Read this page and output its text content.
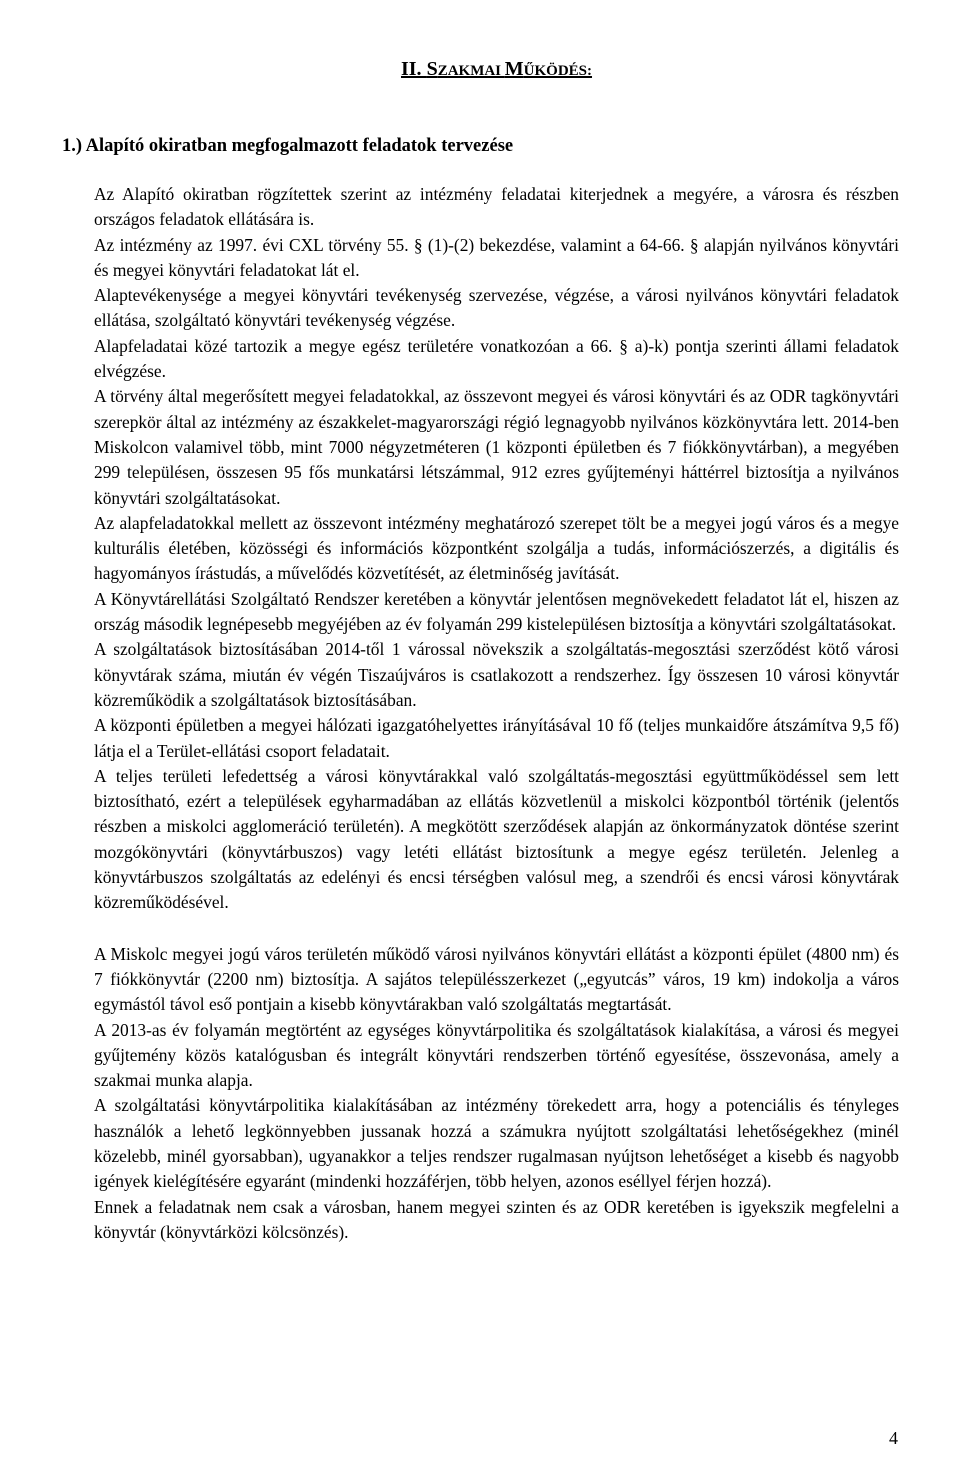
II. SZAKMAI MŰKÖDÉS:
1.) Alapító okiratban megfogalmazott feladatok tervezése

Az Alapító okiratban rögzítettek szerint az intézmény feladatai kiterjednek a megyére, a városra és részben országos feladatok ellátására is.

Az intézmény az 1997. évi CXL törvény 55. § (1)-(2) bekezdése, valamint a 64-66. § alapján nyilvános könyvtári és megyei könyvtári feladatokat lát el.

Alaptevékenysége a megyei könyvtári tevékenység szervezése, végzése, a városi nyilvános könyvtári feladatok ellátása, szolgáltató könyvtári tevékenység végzése.

Alapfeladatai közé tartozik a megye egész területére vonatkozóan a 66. § a)-k) pontja szerinti állami feladatok elvégzése.

A törvény által megerősített megyei feladatokkal, az összevont megyei és városi könyvtári és az ODR tagkönyvtári szerepkör által az intézmény az északkelet-magyarországi régió legnagyobb nyilvános közkönyvtára lett. 2014-ben Miskolcon valamivel több, mint 7000 négyzetméteren (1 központi épületben és 7 fiókkönyvtárban), a megyében 299 településen, összesen 95 fős munkatársi létszámmal, 912 ezres gyűjteményi háttérrel biztosítja a nyilvános könyvtári szolgáltatásokat.

Az alapfeladatokkal mellett az összevont intézmény meghatározó szerepet tölt be a megyei jogú város és a megye kulturális életében, közösségi és információs központként szolgálja a tudás, információszerzés, a digitális és hagyományos írástudás, a művelődés közvetítését, az életminőség javítását.

A Könyvtárellátási Szolgáltató Rendszer keretében a könyvtár jelentősen megnövekedett feladatot lát el, hiszen az ország második legnépesebb megyéjében az év folyamán 299 kistelepülésen biztosítja a könyvtári szolgáltatásokat.

A szolgáltatások biztosításában 2014-től 1 várossal növekszik a szolgáltatás-megosztási szerződést kötő városi könyvtárak száma, miután év végén Tiszaújváros is csatlakozott a rendszerhez. Így összesen 10 városi könyvtár közreműködik a szolgáltatások biztosításában.

A központi épületben a megyei hálózati igazgatóhelyettes irányításával 10 fő (teljes munkaidőre átszámítva 9,5 fő) látja el a Terület-ellátási csoport feladatait.

A teljes területi lefedettség a városi könyvtárakkal való szolgáltatás-megosztási együttműködéssel sem lett biztosítható, ezért a települések egyharmadában az ellátás közvetlenül a miskolci központból történik (jelentős részben a miskolci agglomeráció területén). A megkötött szerződések alapján az önkormányzatok döntése szerint mozgókönyvtári (könyvtárbuszos) vagy letéti ellátást biztosítunk a megye egész területén. Jelenleg a könyvtárbuszos szolgáltatás az edelényi és encsi térségben valósul meg, a szendrői és encsi városi könyvtárak közreműködésével.

A Miskolc megyei jogú város területén működő városi nyilvános könyvtári ellátást a központi épület (4800 nm) és 7 fiókkönyvtár (2200 nm) biztosítja. A sajátos településszerkezet („egyutcás” város, 19 km) indokolja a város egymástól távol eső pontjain a kisebb könyvtárakban való szolgáltatás megtartását.

A 2013-as év folyamán megtörtént az egységes könyvtárpolitika és szolgáltatások kialakítása, a városi és megyei gyűjtemény közös katalógusban és integrált könyvtári rendszerben történő egyesítése, összevonása, amely a szakmai munka alapja.

A szolgáltatási könyvtárpolitika kialakításában az intézmény törekedett arra, hogy a potenciális és tényleges használók a lehető legkönnyebben jussanak hozzá a számukra nyújtott szolgáltatási lehetőségekhez (minél közelebb, minél gyorsabban), ugyanakkor a teljes rendszer rugalmasan nyújtson lehetőséget a kisebb és nagyobb igények kielégítésére egyaránt (mindenki hozzáférjen, több helyen, azonos eséllyel férjen hozzá).

Ennek a feladatnak nem csak a városban, hanem megyei szinten és az ODR keretében is igyekszik megfelelni a könyvtár (könyvtárközi kölcsönzés).

4
